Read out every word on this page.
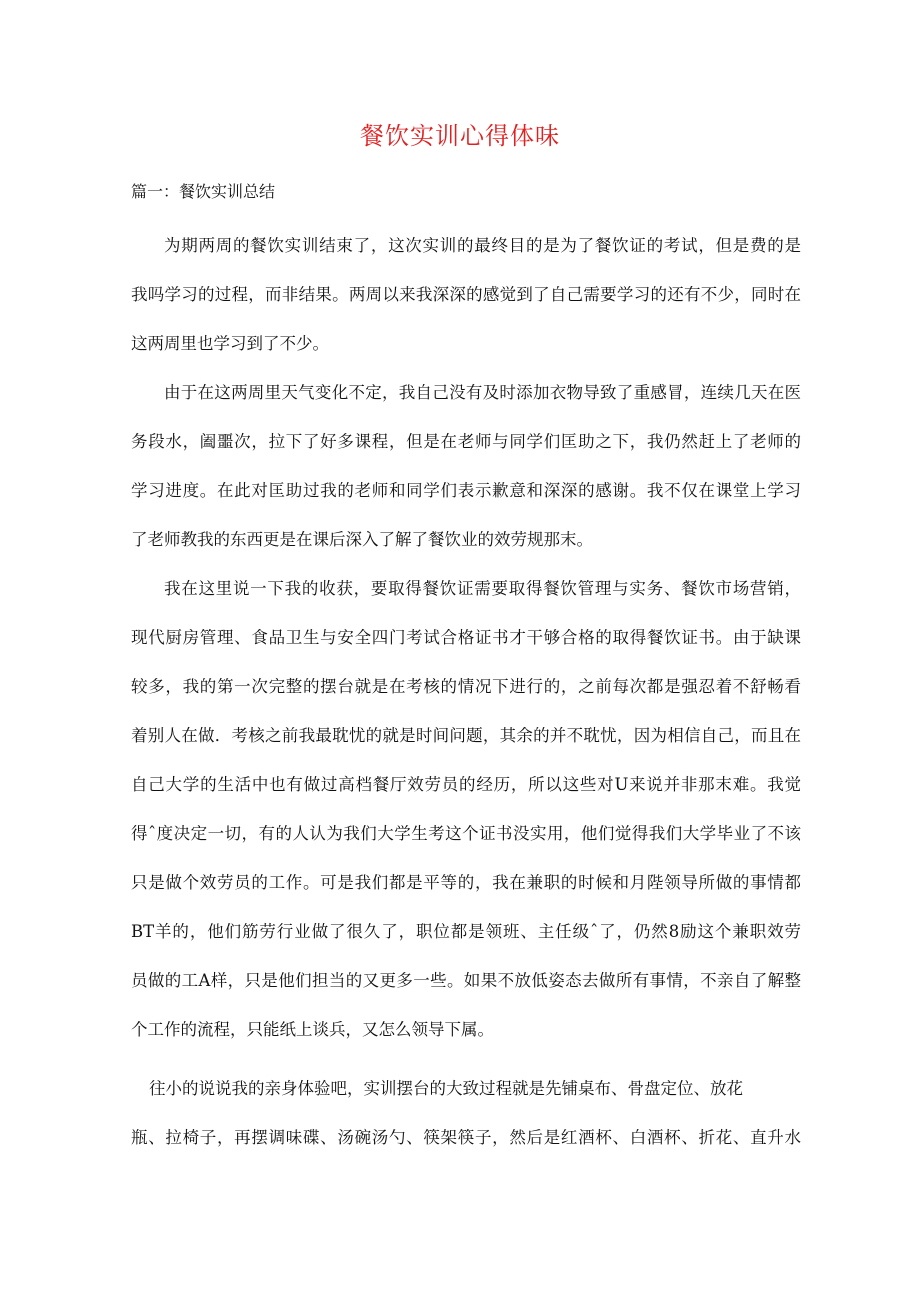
餐饮实训心得体味
篇一：餐饮实训总结
为期两周的餐饮实训结束了，这次实训的最终目的是为了餐饮证的考试，但是费的是
我吗学习的过程，而非结果。两周以来我深深的感觉到了自己需要学习的还有不少，同时在
这两周里也学习到了不少。
由于在这两周里天气变化不定，我自己没有及时添加衣物导致了重感冒，连续几天在医
务段水，阖噩次，拉下了好多课程，但是在老师与同学们匡助之下，我仍然赶上了老师的
学习进度。在此对匡助过我的老师和同学们表示歉意和深深的感谢。我不仅在课堂上学习
了老师教我的东西更是在课后深入了解了餐饮业的效劳规那末。
我在这里说一下我的收获，要取得餐饮证需要取得餐饮管理与实务、餐饮市场营销，
现代厨房管理、食品卫生与安全四门考试合格证书才干够合格的取得餐饮证书。由于缺课
较多，我的第一次完整的摆台就是在考核的情况下进行的，之前每次都是强忍着不舒畅看
着别人在做．考核之前我最耽忧的就是时间问题，其余的并不耽忧，因为相信自己，而且在
自己大学的生活中也有做过高档餐厅效劳员的经历，所以这些对U来说并非那末难。我觉
得ˆ度决定一切，有的人认为我们大学生考这个证书没实用，他们觉得我们大学毕业了不该
只是做个效劳员的工作。可是我们都是平等的，我在兼职的时候和月陛领导所做的事情都
BT羊的，他们筋劳行业做了很久了，职位都是领班、主任级ˆ了，仍然8励这个兼职效劳
员做的工A样，只是他们担当的又更多一些。如果不放低姿态去做所有事情，不亲自了解整
个工作的流程，只能纸上谈兵，又怎么领导下属。
往小的说说我的亲身体验吧，实训摆台的大致过程就是先铺桌布、骨盘定位、放花
瓶、拉椅子，再摆调味碟、汤碗汤勺、筷架筷子，然后是红酒杯、白酒杯、折花、直升水
